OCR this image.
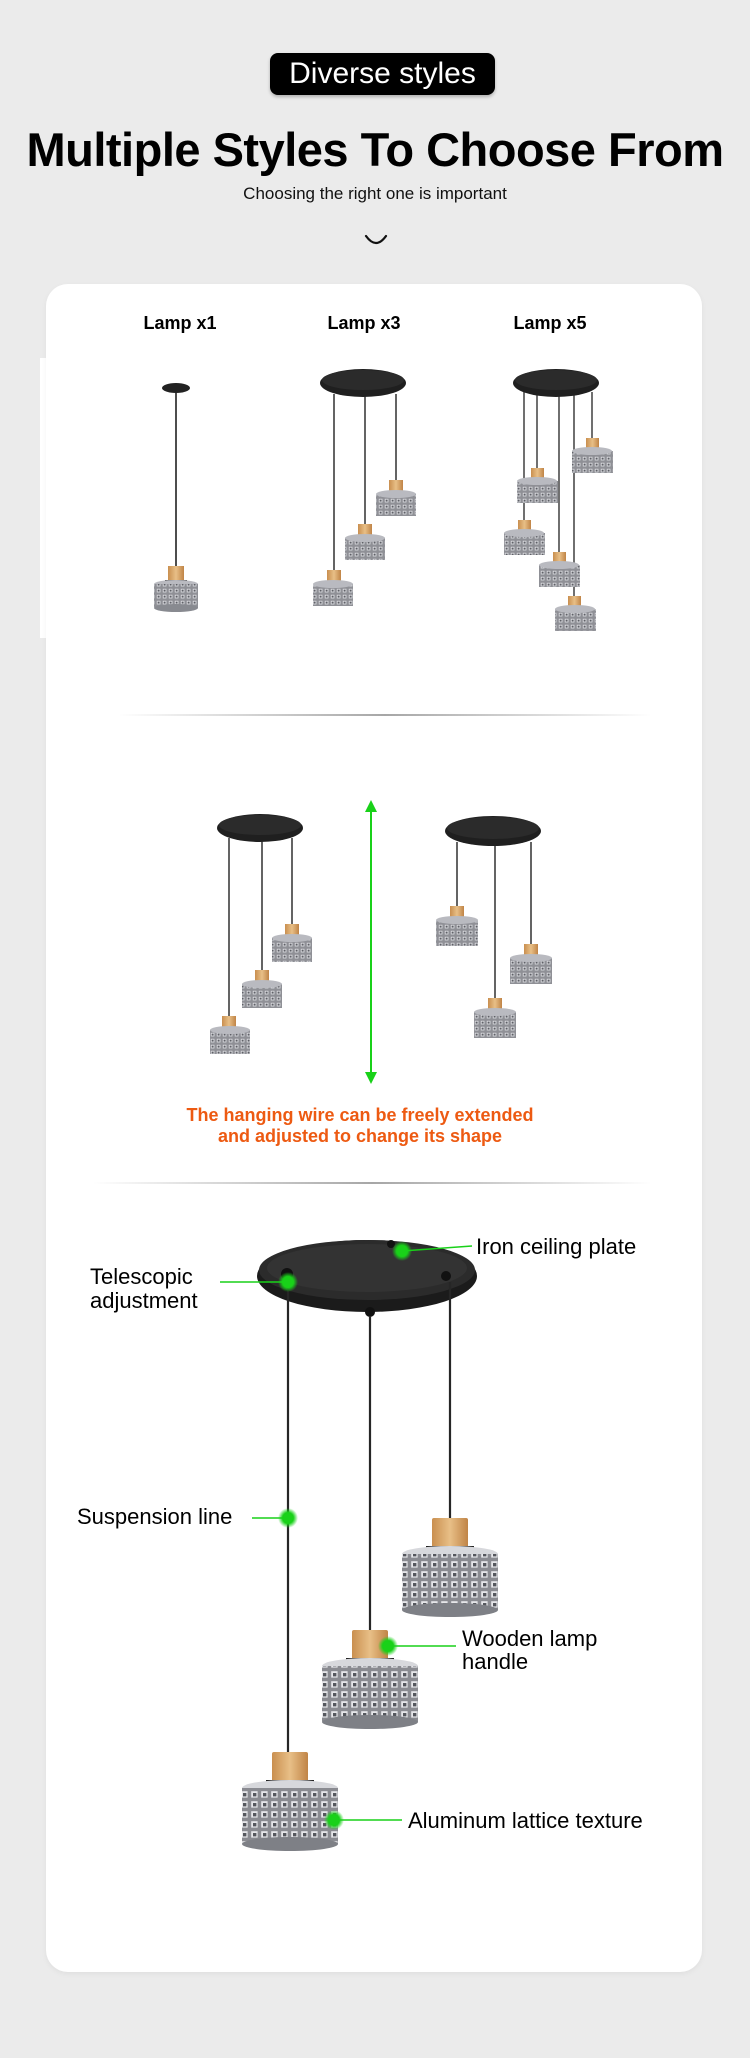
Diverse styles
Multiple Styles To Choose From

Choosing the right one is important

Lamp x1	Lamp x3	Lamp x5

The hanging wire can be freely extended

and adjusted to change its shape

Telescopic
adjustment
Iron ceiling plate
Suspension line
Wooden lamp
handle
Aluminum lattice texture
